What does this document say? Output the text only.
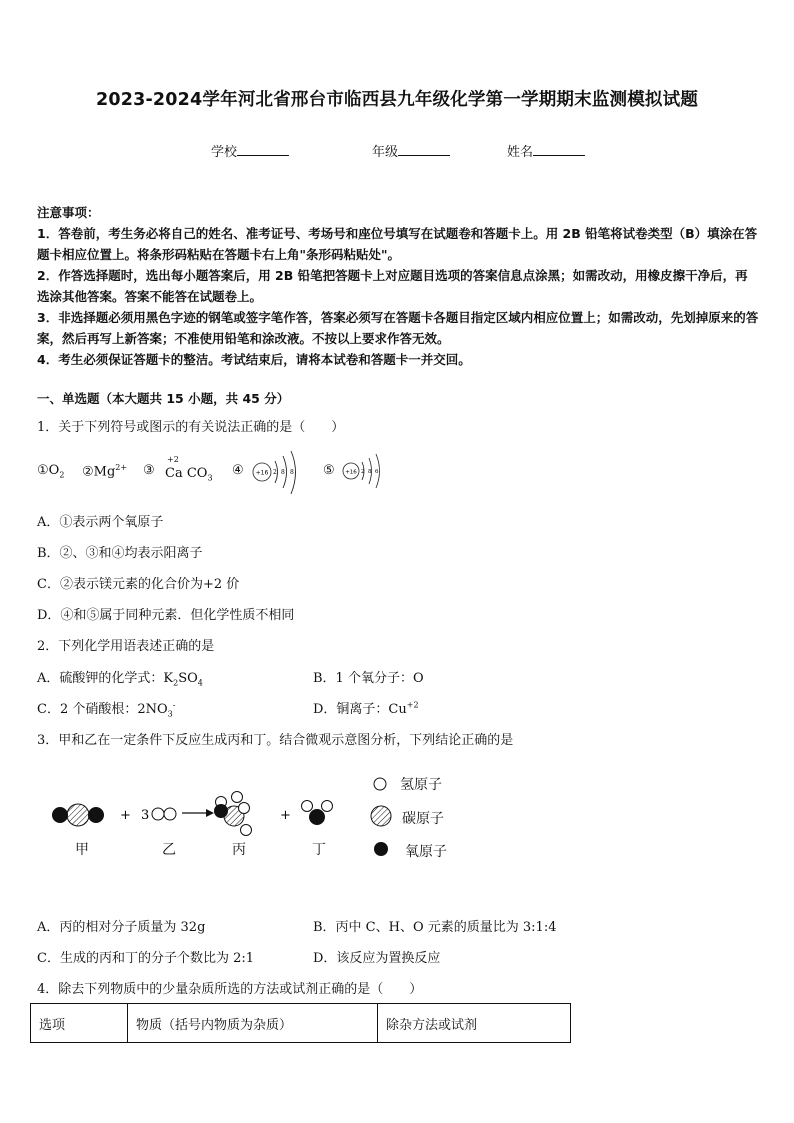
2023-2024学年河北省邢台市临西县九年级化学第一学期期末监测模拟试题
学校	年级	姓名
注意事项：
1．答卷前，考生务必将自己的姓名、准考证号、考场号和座位号填写在试题卷和答题卡上。用 2B 铅笔将试卷类型（B）填涂在答题卡相应位置上。将条形码粘贴在答题卡右上角"条形码粘贴处"。
2．作答选择题时，选出每小题答案后，用 2B 铅笔把答题卡上对应题目选项的答案信息点涂黑；如需改动，用橡皮擦干净后，再选涂其他答案。答案不能答在试题卷上。
3．非选择题必须用黑色字迹的钢笔或签字笔作答，答案必须写在答题卡各题目指定区域内相应位置上；如需改动，先划掉原来的答案，然后再写上新答案；不准使用铅笔和涂改液。不按以上要求作答无效。
4．考生必须保证答题卡的整洁。考试结束后，请将本试卷和答题卡一并交回。
一、单选题（本大题共 15 小题，共 45 分）
1．关于下列符号或图示的有关说法正确的是（　　）
$①O_2$ $②Mg^{2+}$ ③
+2
Ca $CO_3$
④	⑤
+16 2 8 8	+16 2 8 6
A．①表示两个氧原子
B．②、③和④均表示阳离子
C．②表示镁元素的化合价为+2 价
D．④和⑤属于同种元素．但化学性质不相同
2．下列化学用语表述正确的是
A．硫酸钾的化学式：$K_2SO_4$	B．1 个氧分子：O
C．2 个硝酸根：$2NO_3^-$	D．铜离子：$Cu^{+2}$
3．甲和乙在一定条件下反应生成丙和丁。结合微观示意图分析，下列结论正确的是
+ 3	+
甲	乙	丙	丁
氢原子
碳原子
氧原子
A．丙的相对分子质量为 32g	B．丙中 C、H、O 元素的质量比为 3:1:4
C．生成的丙和丁的分子个数比为 2:1	D．该反应为置换反应
4．除去下列物质中的少量杂质所选的方法或试剂正确的是（　　）
选项	物质（括号内物质为杂质）	除杂方法或试剂
